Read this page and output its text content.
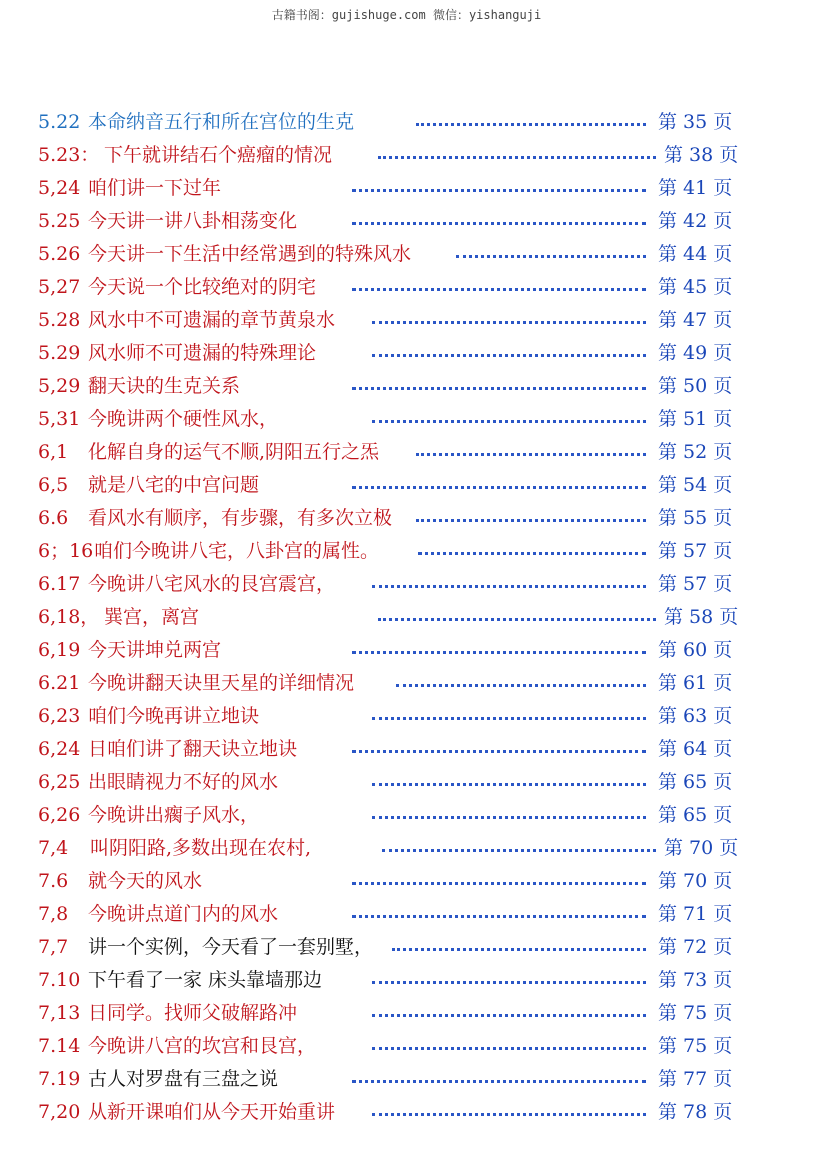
古籍书阁：gujishuge.com 微信：yishanguji
5.22 本命纳音五行和所在宫位的生克	第 35 页
5.23： 下午就讲结石个癌瘤的情况	第 38 页
5,24 咱们讲一下过年	第 41 页
5.25 今天讲一讲八卦相荡变化	第 42 页
5.26 今天讲一下生活中经常遇到的特殊风水	第 44 页
5,27 今天说一个比较绝对的阴宅	第 45 页
5.28 风水中不可遗漏的章节黄泉水	第 47 页
5.29 风水师不可遗漏的特殊理论	第 49 页
5,29 翻天诀的生克关系	第 50 页
5,31 今晚讲两个硬性风水，	第 51 页
6,1 化解自身的运气不顺,阴阳五行之炁	第 52 页
6,5 就是八宅的中宫问题	第 54 页
6.6 看风水有顺序，有步骤，有多次立极	第 55 页
6；16 咱们今晚讲八宅，八卦宫的属性。	第 57 页
6.17 今晚讲八宅风水的艮宫震宫，	第 57 页
6,18， 巽宫，离宫	第 58 页
6,19 今天讲坤兑两宫	第 60 页
6.21 今晚讲翻天诀里天星的详细情况	第 61 页
6,23 咱们今晚再讲立地诀	第 63 页
6,24 日咱们讲了翻天诀立地诀	第 64 页
6,25 出眼睛视力不好的风水	第 65 页
6,26 今晚讲出瘸子风水，	第 65 页
7,4 叫阴阳路,多数出现在农村,	第 70 页
7.6 就今天的风水	第 70 页
7,8 今晚讲点道门内的风水	第 71 页
7,7 讲一个实例，今天看了一套别墅，	第 72 页
7.10 下午看了一家 床头靠墙那边	第 73 页
7,13 日同学。找师父破解路冲	第 75 页
7.14 今晚讲八宫的坎宫和艮宫，	第 75 页
7.19 古人对罗盘有三盘之说	第 77 页
7,20 从新开课咱们从今天开始重讲	第 78 页
